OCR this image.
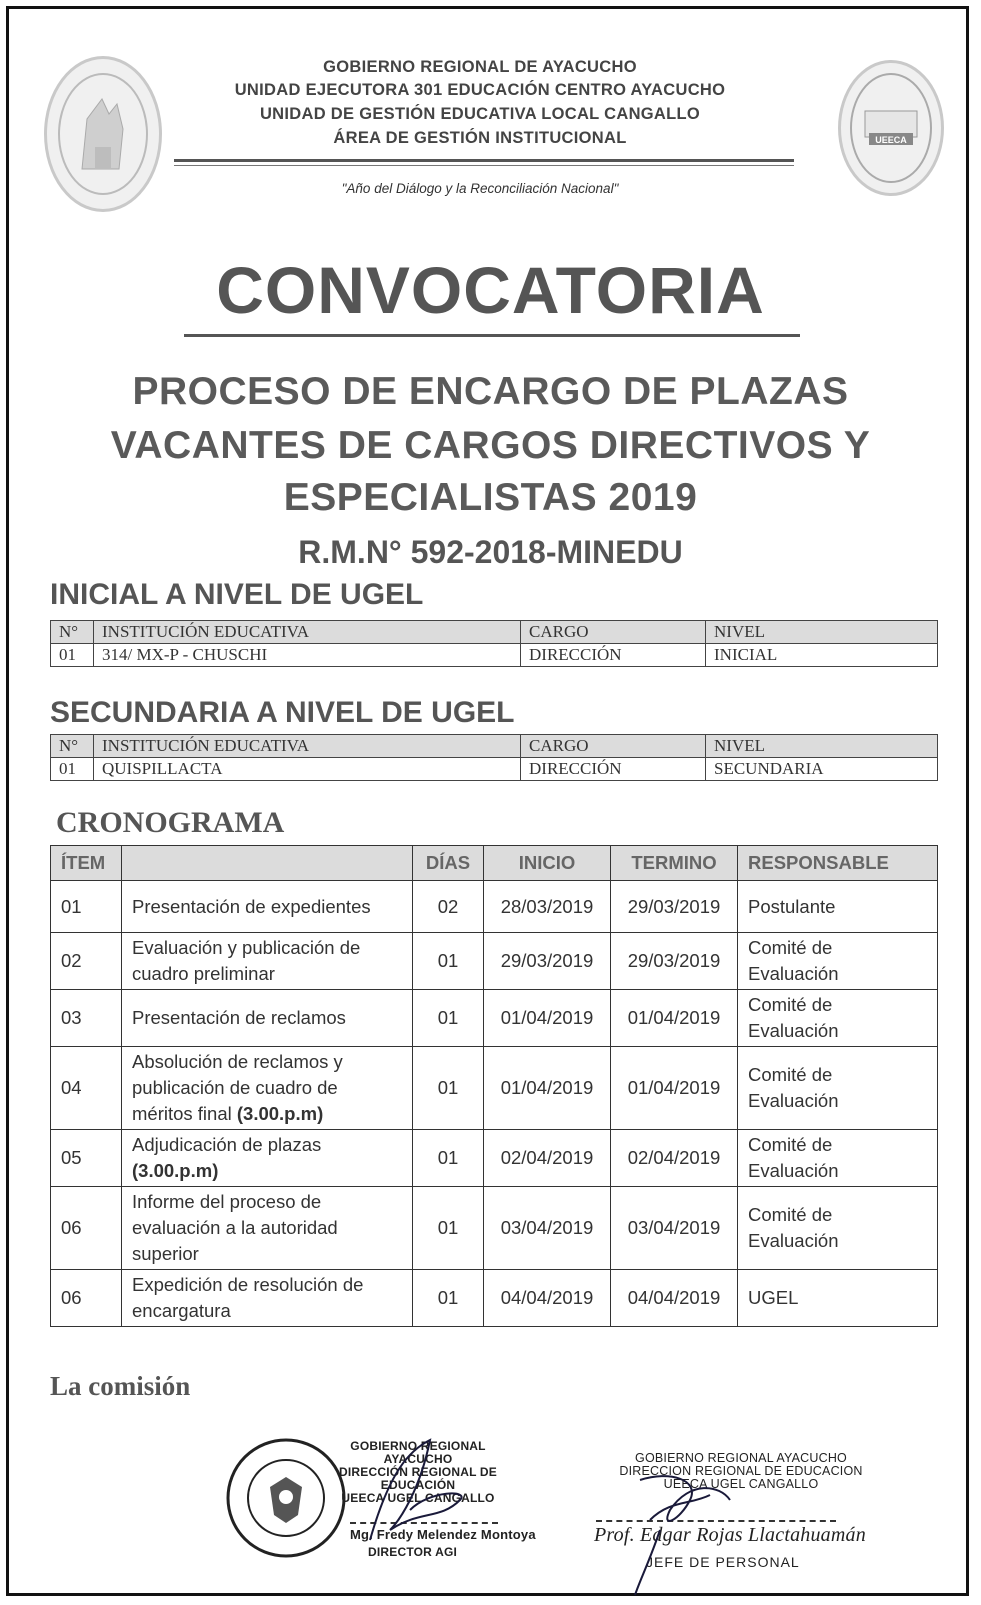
UEECA
GOBIERNO REGIONAL DE AYACUCHO
UNIDAD EJECUTORA 301 EDUCACIÓN CENTRO AYACUCHO
UNIDAD DE GESTIÓN EDUCATIVA LOCAL CANGALLO
ÁREA DE GESTIÓN INSTITUCIONAL
"Año del Diálogo y la Reconciliación Nacional"
CONVOCATORIA
PROCESO DE ENCARGO DE PLAZAS
VACANTES DE CARGOS DIRECTIVOS Y
ESPECIALISTAS 2019
R.M.N° 592-2018-MINEDU
INICIAL A NIVEL DE UGEL
N°	INSTITUCIÓN EDUCATIVA	CARGO	NIVEL
01	314/ MX-P - CHUSCHI	DIRECCIÓN	INICIAL
SECUNDARIA A NIVEL DE UGEL
N°	INSTITUCIÓN EDUCATIVA	CARGO	NIVEL
01	QUISPILLACTA	DIRECCIÓN	SECUNDARIA
CRONOGRAMA
ÍTEM		DÍAS	INICIO	TERMINO	RESPONSABLE
01	Presentación de expedientes	02	28/03/2019	29/03/2019	Postulante
02	Evaluación y publicación de cuadro preliminar	01	29/03/2019	29/03/2019	Comité de Evaluación
03	Presentación de reclamos	01	01/04/2019	01/04/2019	Comité de Evaluación
04	Absolución de reclamos y publicación de cuadro de méritos final (3.00.p.m)	01	01/04/2019	01/04/2019	Comité de Evaluación
05	Adjudicación de plazas (3.00.p.m)	01	02/04/2019	02/04/2019	Comité de Evaluación
06	Informe del proceso de evaluación a la autoridad superior	01	03/04/2019	03/04/2019	Comité de Evaluación
06	Expedición de resolución de encargatura	01	04/04/2019	04/04/2019	UGEL
La comisión
GOBIERNO REGIONAL AYACUCHO
DIRECCIÓN REGIONAL DE EDUCACIÓN
UEECA UGEL CANGALLO
Mg. Fredy Melendez Montoya
DIRECTOR AGI
GOBIERNO REGIONAL AYACUCHO
DIRECCION REGIONAL DE EDUCACION
UEECA UGEL CANGALLO
Prof. Edgar Rojas Llactahuamán
JEFE DE PERSONAL
